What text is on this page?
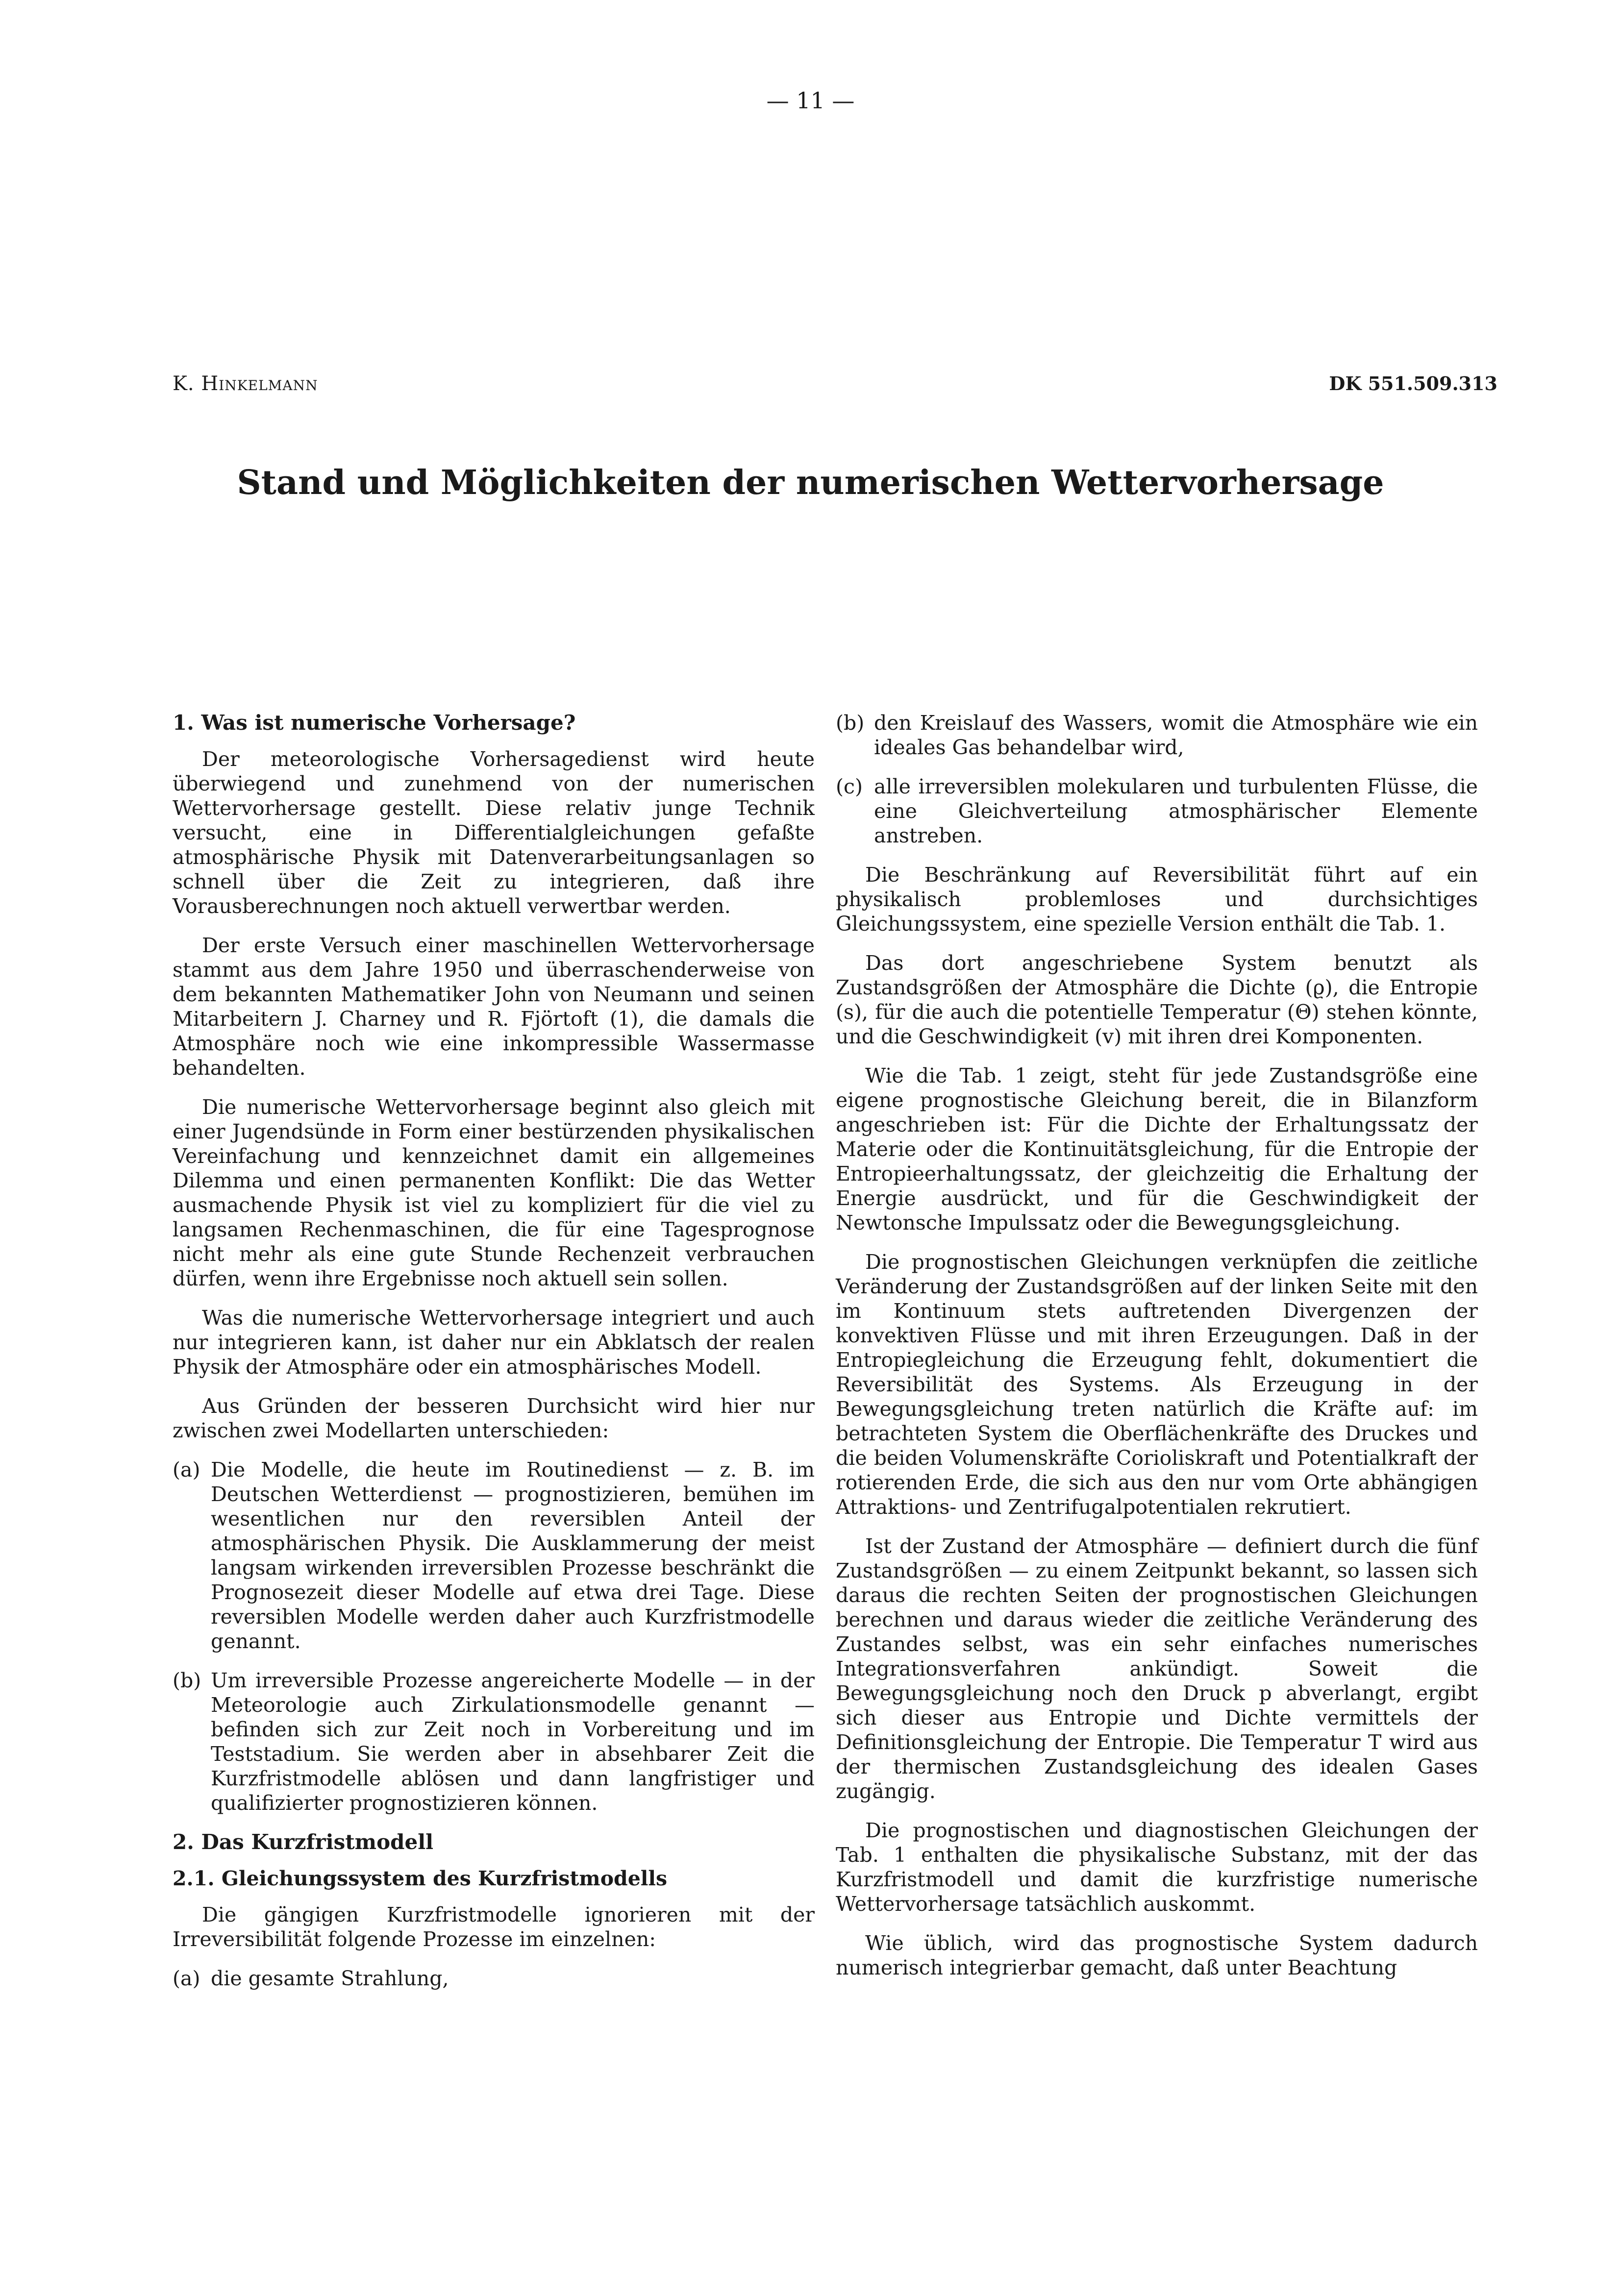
— 11 —
K. Hinkelmann	DK 551.509.313
Stand und Möglichkeiten der numerischen Wettervorhersage
1. Was ist numerische Vorhersage?

Der meteorologische Vorhersagedienst wird heute überwiegend und zunehmend von der numerischen Wettervorhersage gestellt. Diese relativ junge Technik versucht, eine in Differentialgleichungen gefaßte atmosphärische Physik mit Datenverarbeitungsanlagen so schnell über die Zeit zu integrieren, daß ihre Vorausberechnungen noch aktuell verwertbar werden.

Der erste Versuch einer maschinellen Wettervorhersage stammt aus dem Jahre 1950 und überraschenderweise von dem bekannten Mathematiker John von Neumann und seinen Mitarbeitern J. Charney und R. Fjörtoft (1), die damals die Atmosphäre noch wie eine inkompressible Wassermasse behandelten.

Die numerische Wettervorhersage beginnt also gleich mit einer Jugendsünde in Form einer bestürzenden physikalischen Vereinfachung und kennzeichnet damit ein allgemeines Dilemma und einen permanenten Konflikt: Die das Wetter ausmachende Physik ist viel zu kompliziert für die viel zu langsamen Rechenmaschinen, die für eine Tagesprognose nicht mehr als eine gute Stunde Rechenzeit verbrauchen dürfen, wenn ihre Ergebnisse noch aktuell sein sollen.

Was die numerische Wettervorhersage integriert und auch nur integrieren kann, ist daher nur ein Abklatsch der realen Physik der Atmosphäre oder ein atmosphärisches Modell.

Aus Gründen der besseren Durchsicht wird hier nur zwischen zwei Modellarten unterschieden:

(a) Die Modelle, die heute im Routinedienst — z. B. im Deutschen Wetterdienst — prognostizieren, bemühen im wesentlichen nur den reversiblen Anteil der atmosphärischen Physik. Die Ausklammerung der meist langsam wirkenden irreversiblen Prozesse beschränkt die Prognosezeit dieser Modelle auf etwa drei Tage. Diese reversiblen Modelle werden daher auch Kurzfristmodelle genannt.
(b) Um irreversible Prozesse angereicherte Modelle — in der Meteorologie auch Zirkulationsmodelle genannt — befinden sich zur Zeit noch in Vorbereitung und im Teststadium. Sie werden aber in absehbarer Zeit die Kurzfristmodelle ablösen und dann langfristiger und qualifizierter prognostizieren können.
2. Das Kurzfristmodell
2.1. Gleichungssystem des Kurzfristmodells

Die gängigen Kurzfristmodelle ignorieren mit der Irreversibilität folgende Prozesse im einzelnen:

(a) die gesamte Strahlung,
(b) den Kreislauf des Wassers, womit die Atmosphäre wie ein ideales Gas behandelbar wird,
(c) alle irreversiblen molekularen und turbulenten Flüsse, die eine Gleichverteilung atmosphärischer Elemente anstreben.

Die Beschränkung auf Reversibilität führt auf ein physikalisch problemloses und durchsichtiges Gleichungssystem, eine spezielle Version enthält die Tab. 1.

Das dort angeschriebene System benutzt als Zustandsgrößen der Atmosphäre die Dichte (ϱ), die Entropie (s), für die auch die potentielle Temperatur (Θ) stehen könnte, und die Geschwindigkeit (v) mit ihren drei Komponenten.

Wie die Tab. 1 zeigt, steht für jede Zustandsgröße eine eigene prognostische Gleichung bereit, die in Bilanzform angeschrieben ist: Für die Dichte der Erhaltungssatz der Materie oder die Kontinuitätsgleichung, für die Entropie der Entropieerhaltungssatz, der gleichzeitig die Erhaltung der Energie ausdrückt, und für die Geschwindigkeit der Newtonsche Impulssatz oder die Bewegungsgleichung.

Die prognostischen Gleichungen verknüpfen die zeitliche Veränderung der Zustandsgrößen auf der linken Seite mit den im Kontinuum stets auftretenden Divergenzen der konvektiven Flüsse und mit ihren Erzeugungen. Daß in der Entropiegleichung die Erzeugung fehlt, dokumentiert die Reversibilität des Systems. Als Erzeugung in der Bewegungsgleichung treten natürlich die Kräfte auf: im betrachteten System die Oberflächenkräfte des Druckes und die beiden Volumenskräfte Corioliskraft und Potentialkraft der rotierenden Erde, die sich aus den nur vom Orte abhängigen Attraktions- und Zentrifugalpotentialen rekrutiert.

Ist der Zustand der Atmosphäre — definiert durch die fünf Zustandsgrößen — zu einem Zeitpunkt bekannt, so lassen sich daraus die rechten Seiten der prognostischen Gleichungen berechnen und daraus wieder die zeitliche Veränderung des Zustandes selbst, was ein sehr einfaches numerisches Integrationsverfahren ankündigt. Soweit die Bewegungsgleichung noch den Druck p abverlangt, ergibt sich dieser aus Entropie und Dichte vermittels der Definitionsgleichung der Entropie. Die Temperatur T wird aus der thermischen Zustandsgleichung des idealen Gases zugängig.

Die prognostischen und diagnostischen Gleichungen der Tab. 1 enthalten die physikalische Substanz, mit der das Kurzfristmodell und damit die kurzfristige numerische Wettervorhersage tatsächlich auskommt.

Wie üblich, wird das prognostische System dadurch numerisch integrierbar gemacht, daß unter Beachtung
